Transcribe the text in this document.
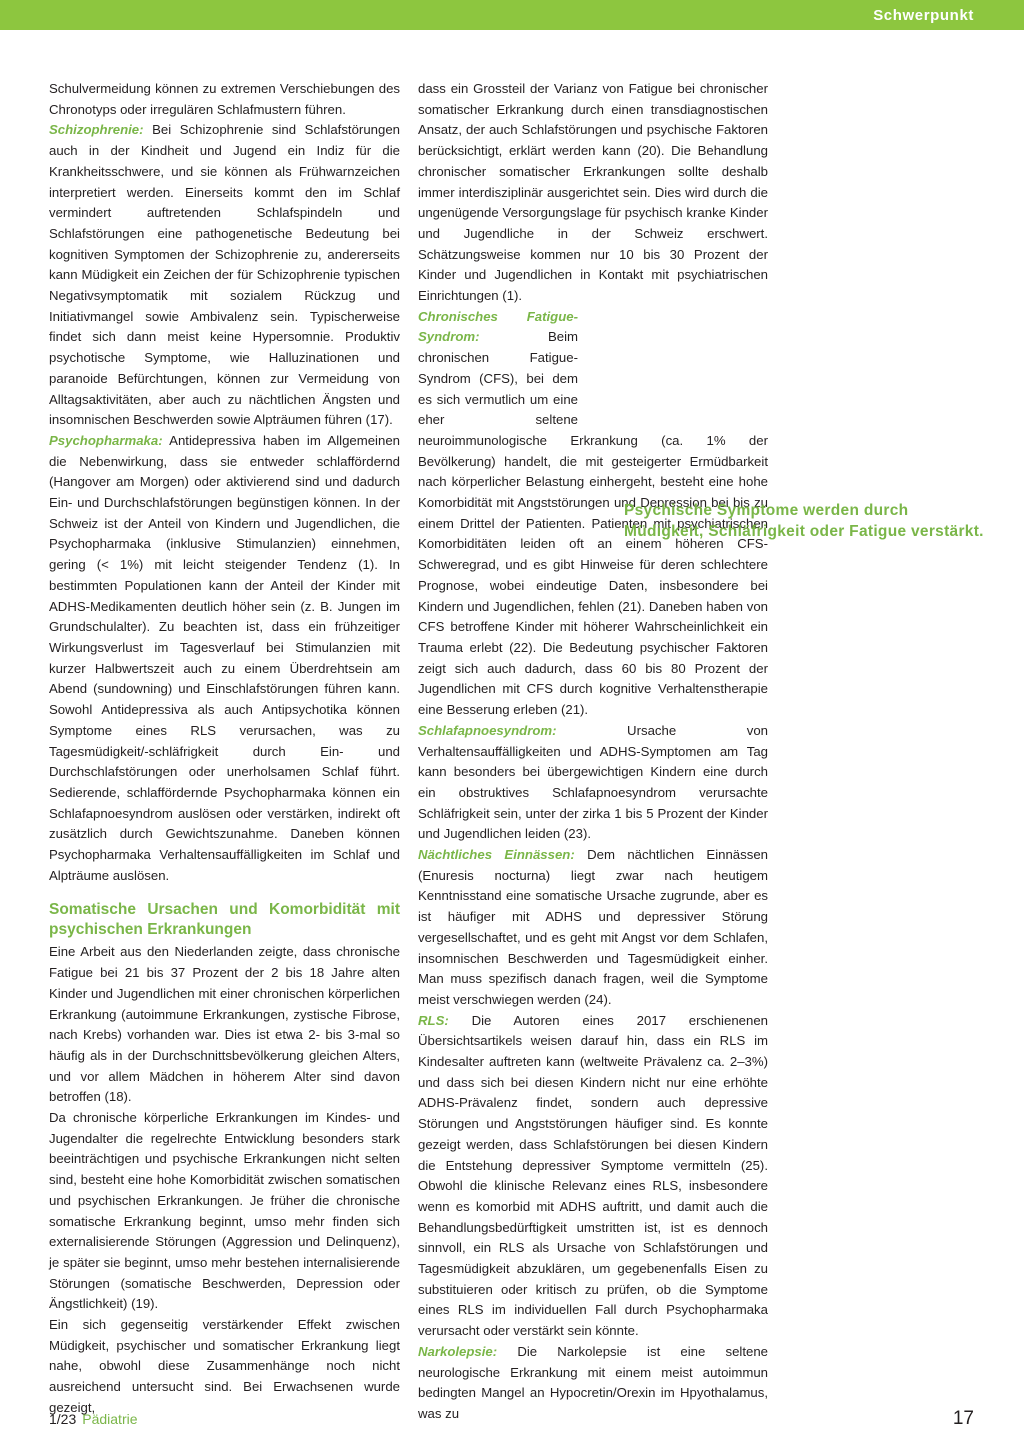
Schwerpunkt

Schulvermeidung können zu extremen Verschiebungen des Chronotyps oder irregulären Schlafmustern führen.

Schizophrenie: Bei Schizophrenie sind Schlafstörungen auch in der Kindheit und Jugend ein Indiz für die Krankheitsschwere, und sie können als Frühwarnzeichen interpretiert werden. Einerseits kommt den im Schlaf vermindert auftretenden Schlafspindeln und Schlafstörungen eine pathogenetische Bedeutung bei kognitiven Symptomen der Schizophrenie zu, andererseits kann Müdigkeit ein Zeichen der für Schizophrenie typischen Negativsymptomatik mit sozialem Rückzug und Initiativmangel sowie Ambivalenz sein. Typischerweise findet sich dann meist keine Hypersomnie. Produktiv psychotische Symptome, wie Halluzinationen und paranoide Befürchtungen, können zur Vermeidung von Alltagsaktivitäten, aber auch zu nächtlichen Ängsten und insomnischen Beschwerden sowie Alpträumen führen (17).

Psychopharmaka: Antidepressiva haben im Allgemeinen die Nebenwirkung, dass sie entweder schlaffördernd (Hangover am Morgen) oder aktivierend sind und dadurch Ein- und Durchschlafstörungen begünstigen können. In der Schweiz ist der Anteil von Kindern und Jugendlichen, die Psychopharmaka (inklusive Stimulanzien) einnehmen, gering (< 1%) mit leicht steigender Tendenz (1). In bestimmten Populationen kann der Anteil der Kinder mit ADHS-Medikamenten deutlich höher sein (z. B. Jungen im Grundschulalter). Zu beachten ist, dass ein frühzeitiger Wirkungsverlust im Tagesverlauf bei Stimulanzien mit kurzer Halbwertszeit auch zu einem Überdrehtsein am Abend (sundowning) und Einschlafstörungen führen kann. Sowohl Antidepressiva als auch Antipsychotika können Symptome eines RLS verursachen, was zu Tagesmüdigkeit/-schläfrigkeit durch Ein- und Durchschlafstörungen oder unerholsamen Schlaf führt. Sedierende, schlaffördernde Psychopharmaka können ein Schlafapnoesyndrom auslösen oder verstärken, indirekt oft zusätzlich durch Gewichtszunahme. Daneben können Psychopharmaka Verhaltensauffälligkeiten im Schlaf und Alpträume auslösen.

Somatische Ursachen und Komorbidität mit psychischen Erkrankungen

Eine Arbeit aus den Niederlanden zeigte, dass chronische Fatigue bei 21 bis 37 Prozent der 2 bis 18 Jahre alten Kinder und Jugendlichen mit einer chronischen körperlichen Erkrankung (autoimmune Erkrankungen, zystische Fibrose, nach Krebs) vorhanden war. Dies ist etwa 2- bis 3-mal so häufig als in der Durchschnittsbevölkerung gleichen Alters, und vor allem Mädchen in höherem Alter sind davon betroffen (18).

Da chronische körperliche Erkrankungen im Kindes- und Jugendalter die regelrechte Entwicklung besonders stark beeinträchtigen und psychische Erkrankungen nicht selten sind, besteht eine hohe Komorbidität zwischen somatischen und psychischen Erkrankungen. Je früher die chronische somatische Erkrankung beginnt, umso mehr finden sich externalisierende Störungen (Aggression und Delinquenz), je später sie beginnt, umso mehr bestehen internalisierende Störungen (somatische Beschwerden, Depression oder Ängstlichkeit) (19).

Ein sich gegenseitig verstärkender Effekt zwischen Müdigkeit, psychischer und somatischer Erkrankung liegt nahe, obwohl diese Zusammenhänge noch nicht ausreichend untersucht sind. Bei Erwachsenen wurde gezeigt,

dass ein Grossteil der Varianz von Fatigue bei chronischer somatischer Erkrankung durch einen transdiagnostischen Ansatz, der auch Schlafstörungen und psychische Faktoren berücksichtigt, erklärt werden kann (20). Die Behandlung chronischer somatischer Erkrankungen sollte deshalb immer interdisziplinär ausgerichtet sein. Dies wird durch die ungenügende Versorgungslage für psychisch kranke Kinder und Jugendliche in der Schweiz erschwert. Schätzungsweise kommen nur 10 bis 30 Prozent der Kinder und Jugendlichen in Kontakt mit psychiatrischen Einrichtungen (1).

Chronisches Fatigue-Syndrom: Beim chronischen Fatigue-Syndrom (CFS), bei dem es sich vermutlich um eine eher seltene neuroimmunologische Erkrankung (ca. 1% der Bevölkerung) handelt, die mit gesteigerter Ermüdbarkeit nach körperlicher Belastung einhergeht, besteht eine hohe Komorbidität mit Angststörungen und Depression bei bis zu einem Drittel der Patienten. Patienten mit psychiatrischen Komorbiditäten leiden oft an einem höheren CFS-Schweregrad, und es gibt Hinweise für deren schlechtere Prognose, wobei eindeutige Daten, insbesondere bei Kindern und Jugendlichen, fehlen (21). Daneben haben von CFS betroffene Kinder mit höherer Wahrscheinlichkeit ein Trauma erlebt (22). Die Bedeutung psychischer Faktoren zeigt sich auch dadurch, dass 60 bis 80 Prozent der Jugendlichen mit CFS durch kognitive Verhaltenstherapie eine Besserung erleben (21).

Schlafapnoesyndrom: Ursache von Verhaltensauffälligkeiten und ADHS-Symptomen am Tag kann besonders bei übergewichtigen Kindern eine durch ein obstruktives Schlafapnoesyndrom verursachte Schläfrigkeit sein, unter der zirka 1 bis 5 Prozent der Kinder und Jugendlichen leiden (23).

Nächtliches Einnässen: Dem nächtlichen Einnässen (Enuresis nocturna) liegt zwar nach heutigem Kenntnisstand eine somatische Ursache zugrunde, aber es ist häufiger mit ADHS und depressiver Störung vergesellschaftet, und es geht mit Angst vor dem Schlafen, insomnischen Beschwerden und Tagesmüdigkeit einher. Man muss spezifisch danach fragen, weil die Symptome meist verschwiegen werden (24).

RLS: Die Autoren eines 2017 erschienenen Übersichtsartikels weisen darauf hin, dass ein RLS im Kindesalter auftreten kann (weltweite Prävalenz ca. 2–3%) und dass sich bei diesen Kindern nicht nur eine erhöhte ADHS-Prävalenz findet, sondern auch depressive Störungen und Angststörungen häufiger sind. Es konnte gezeigt werden, dass Schlafstörungen bei diesen Kindern die Entstehung depressiver Symptome vermitteln (25). Obwohl die klinische Relevanz eines RLS, insbesondere wenn es komorbid mit ADHS auftritt, und damit auch die Behandlungsbedürftigkeit umstritten ist, ist es dennoch sinnvoll, ein RLS als Ursache von Schlafstörungen und Tagesmüdigkeit abzuklären, um gegebenenfalls Eisen zu substituieren oder kritisch zu prüfen, ob die Symptome eines RLS im individuellen Fall durch Psychopharmaka verursacht oder verstärkt sein könnte.

Narkolepsie: Die Narkolepsie ist eine seltene neurologische Erkrankung mit einem meist autoimmun bedingten Mangel an Hypocretin/Orexin im Hpyothalamus, was zu

Psychische Symptome werden durch Müdigkeit, Schläfrigkeit oder Fatigue verstärkt.
1/23 Pädiatrie	17
